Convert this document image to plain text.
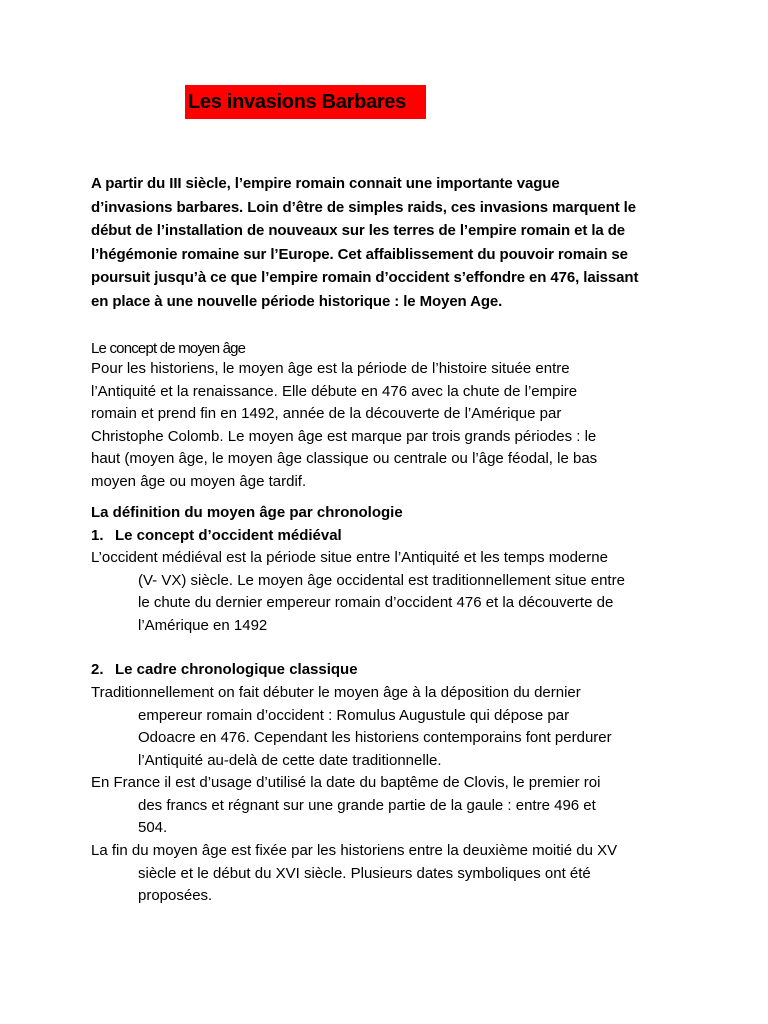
Les invasions Barbares
A partir du III siècle, l’empire romain connait une importante vague
d’invasions barbares. Loin d’être de simples raids, ces invasions marquent le
début de l’installation de nouveaux sur les terres de l’empire romain et la de
l’hégémonie romaine sur l’Europe. Cet affaiblissement du pouvoir romain se
poursuit jusqu’à ce que l’empire romain d’occident s’effondre en 476, laissant
en place à une nouvelle période historique : le Moyen Age.
Le concept de moyen âge
Pour les historiens, le moyen âge est la période de l’histoire située entre
l’Antiquité et la renaissance. Elle débute en 476 avec la chute de l’empire
romain et prend fin en 1492, année de la découverte de l’Amérique par
Christophe Colomb. Le moyen âge est marque par trois grands périodes : le
haut (moyen âge, le moyen âge classique ou centrale ou l’âge féodal, le bas
moyen âge ou moyen âge tardif.
La définition du moyen âge par chronologie
1. Le concept d’occident médiéval
L’occident médiéval est la période situe entre l’Antiquité et les temps moderne
(V- VX) siècle. Le moyen âge occidental est traditionnellement situe entre
le chute du dernier empereur romain d’occident 476 et la découverte de
l’Amérique en 1492
2. Le cadre chronologique classique
Traditionnellement on fait débuter le moyen âge à la déposition du dernier
empereur romain d’occident : Romulus Augustule qui dépose par
Odoacre en 476. Cependant les historiens contemporains font perdurer
l’Antiquité au-delà de cette date traditionnelle.
En France il est d’usage d’utilisé la date du baptême de Clovis, le premier roi
des francs et régnant sur une grande partie de la gaule : entre 496 et
504.
La fin du moyen âge est fixée par les historiens entre la deuxième moitié du XV
siècle et le début du XVI siècle. Plusieurs dates symboliques ont été
proposées.
